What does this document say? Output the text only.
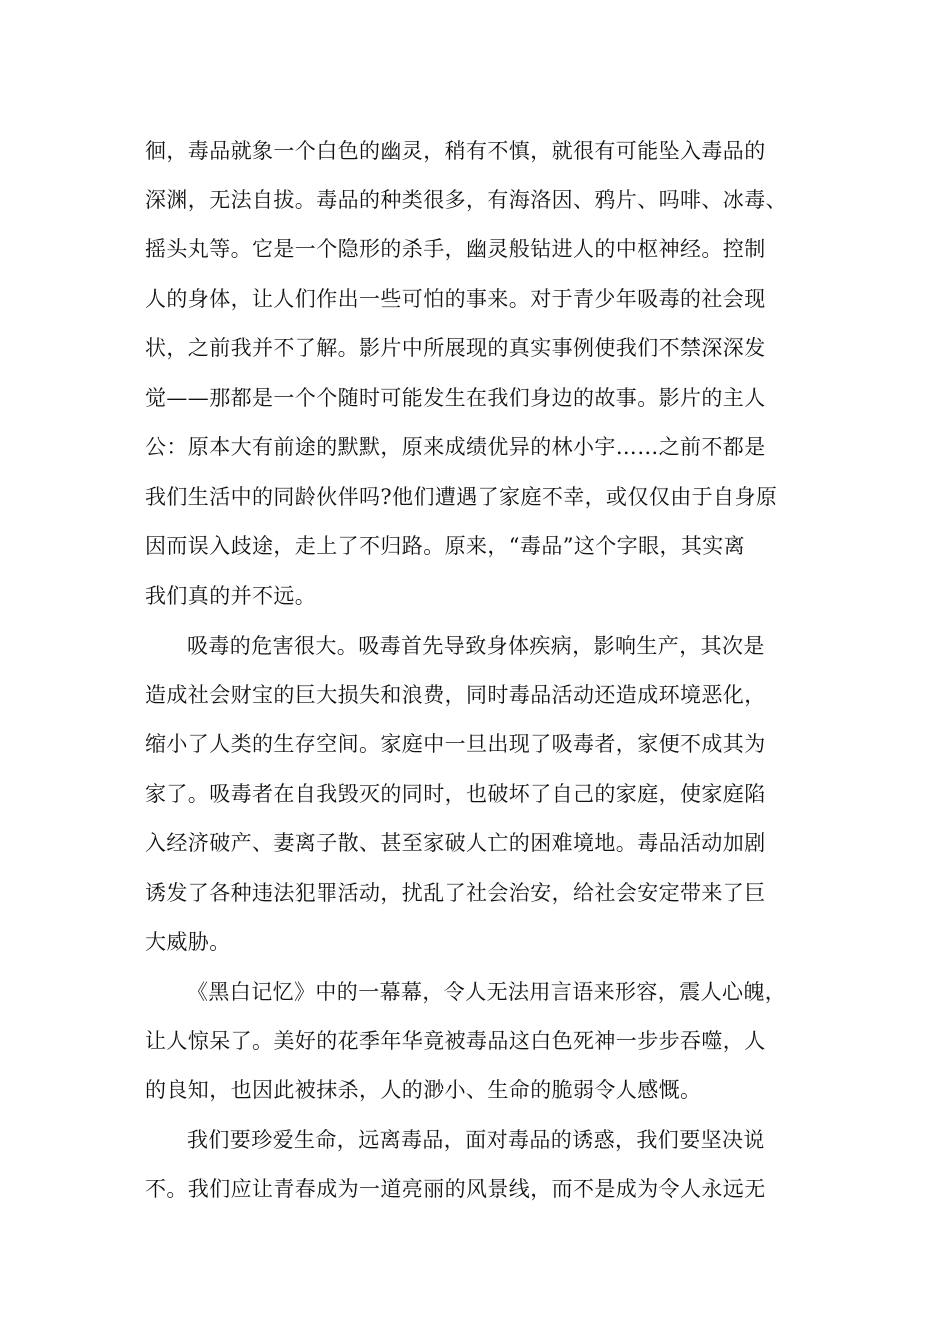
徊，毒品就象一个白色的幽灵，稍有不慎，就很有可能坠入毒品的
深渊，无法自拔。毒品的种类很多，有海洛因、鸦片、吗啡、冰毒、
摇头丸等。它是一个隐形的杀手，幽灵般钻进人的中枢神经。控制
人的身体，让人们作出一些可怕的事来。对于青少年吸毒的社会现
状，之前我并不了解。影片中所展现的真实事例使我们不禁深深发
觉——那都是一个个随时可能发生在我们身边的故事。影片的主人
公：原本大有前途的默默，原来成绩优异的林小宇……之前不都是
我们生活中的同龄伙伴吗?他们遭遇了家庭不幸，或仅仅由于自身原
因而误入歧途，走上了不归路。原来，“毒品”这个字眼，其实离
我们真的并不远。
吸毒的危害很大。吸毒首先导致身体疾病，影响生产，其次是
造成社会财宝的巨大损失和浪费，同时毒品活动还造成环境恶化，
缩小了人类的生存空间。家庭中一旦出现了吸毒者，家便不成其为
家了。吸毒者在自我毁灭的同时，也破坏了自己的家庭，使家庭陷
入经济破产、妻离子散、甚至家破人亡的困难境地。毒品活动加剧
诱发了各种违法犯罪活动，扰乱了社会治安，给社会安定带来了巨
大威胁。
《黑白记忆》中的一幕幕，令人无法用言语来形容，震人心魄，
让人惊呆了。美好的花季年华竟被毒品这白色死神一步步吞噬，人
的良知，也因此被抹杀，人的渺小、生命的脆弱令人感慨。
我们要珍爱生命，远离毒品，面对毒品的诱惑，我们要坚决说
不。我们应让青春成为一道亮丽的风景线，而不是成为令人永远无
